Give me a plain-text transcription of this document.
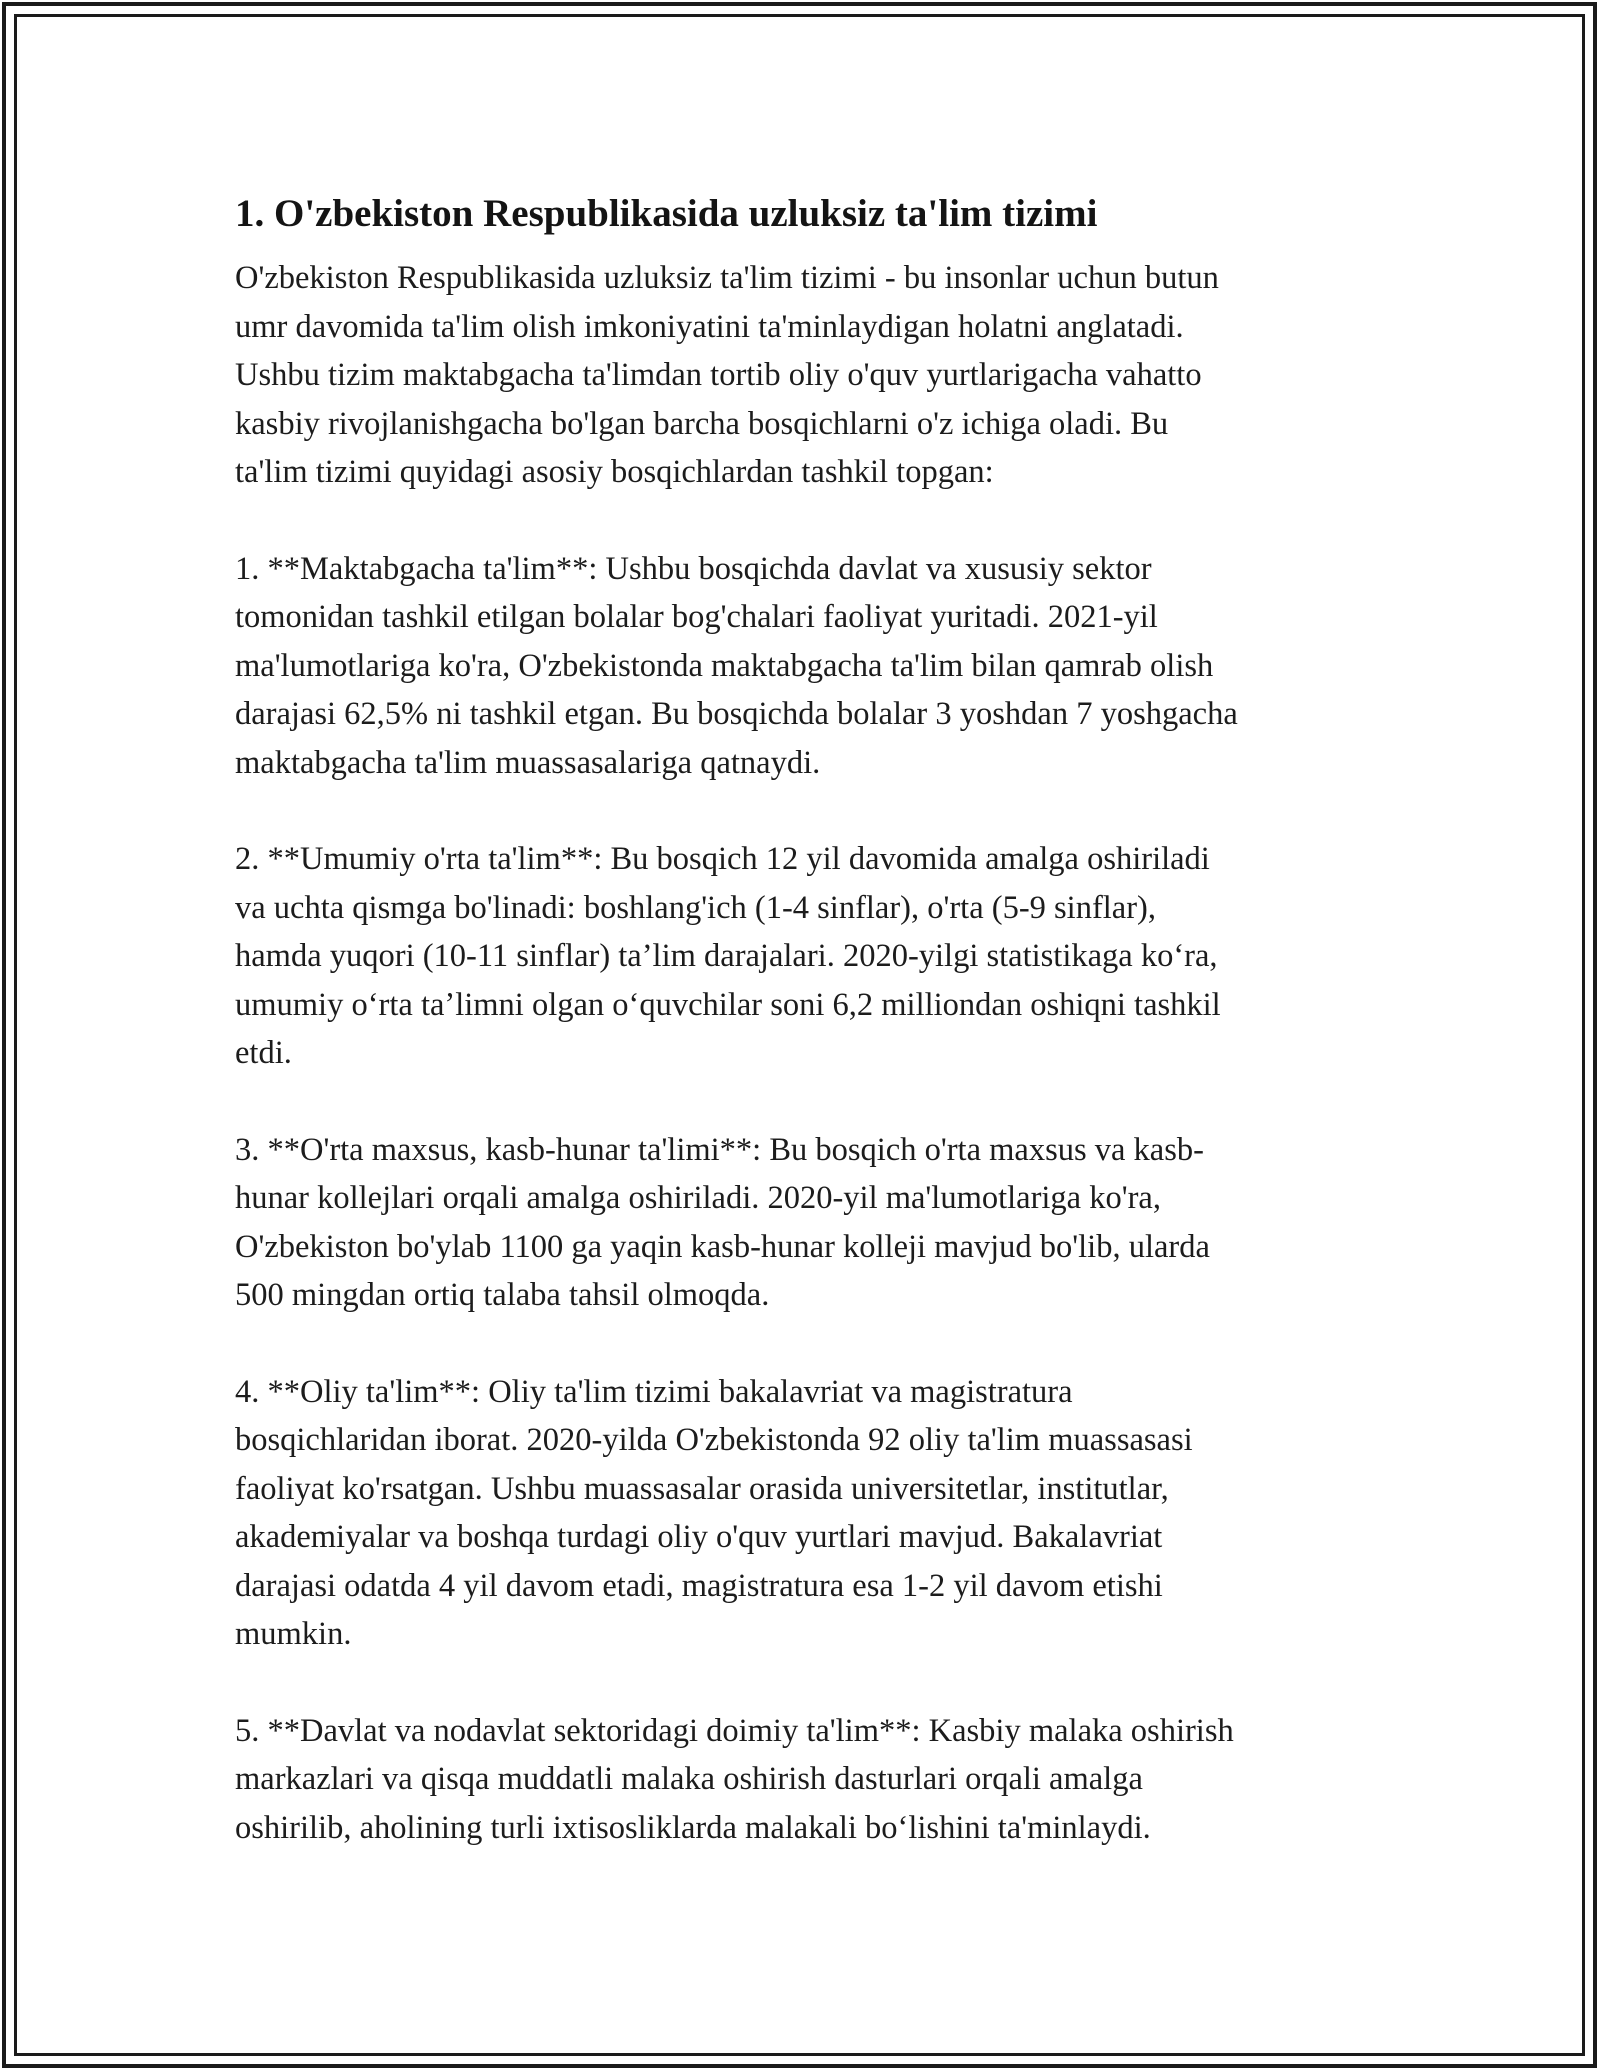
1. O'zbekiston Respublikasida uzluksiz ta'lim tizimi

O'zbekiston Respublikasida uzluksiz ta'lim tizimi - bu insonlar uchun butun
umr davomida ta'lim olish imkoniyatini ta'minlaydigan holatni anglatadi.
Ushbu tizim maktabgacha ta'limdan tortib oliy o'quv yurtlarigacha vahatto
kasbiy rivojlanishgacha bo'lgan barcha bosqichlarni o'z ichiga oladi. Bu
ta'lim tizimi quyidagi asosiy bosqichlardan tashkil topgan:

1. **Maktabgacha ta'lim**: Ushbu bosqichda davlat va xususiy sektor
tomonidan tashkil etilgan bolalar bog'chalari faoliyat yuritadi. 2021-yil
ma'lumotlariga ko'ra, O'zbekistonda maktabgacha ta'lim bilan qamrab olish
darajasi 62,5% ni tashkil etgan. Bu bosqichda bolalar 3 yoshdan 7 yoshgacha
maktabgacha ta'lim muassasalariga qatnaydi.

2. **Umumiy o'rta ta'lim**: Bu bosqich 12 yil davomida amalga oshiriladi
va uchta qismga bo'linadi: boshlang'ich (1-4 sinflar), o'rta (5-9 sinflar),
hamda yuqori (10-11 sinflar) ta’lim darajalari. 2020-yilgi statistikaga koʻra,
umumiy oʻrta taʼlimni olgan oʻquvchilar soni 6,2 milliondan oshiqni tashkil
etdi.

3. **O'rta maxsus, kasb-hunar ta'limi**: Bu bosqich o'rta maxsus va kasb-
hunar kollejlari orqali amalga oshiriladi. 2020-yil ma'lumotlariga ko'ra,
O'zbekiston bo'ylab 1100 ga yaqin kasb-hunar kolleji mavjud bo'lib, ularda
500 mingdan ortiq talaba tahsil olmoqda.

4. **Oliy ta'lim**: Oliy ta'lim tizimi bakalavriat va magistratura
bosqichlaridan iborat. 2020-yilda O'zbekistonda 92 oliy ta'lim muassasasi
faoliyat ko'rsatgan. Ushbu muassasalar orasida universitetlar, institutlar,
akademiyalar va boshqa turdagi oliy o'quv yurtlari mavjud. Bakalavriat
darajasi odatda 4 yil davom etadi, magistratura esa 1-2 yil davom etishi
mumkin.

5. **Davlat va nodavlat sektoridagi doimiy ta'lim**: Kasbiy malaka oshirish
markazlari va qisqa muddatli malaka oshirish dasturlari orqali amalga
oshirilib, aholining turli ixtisosliklarda malakali boʻlishini ta'minlaydi.
